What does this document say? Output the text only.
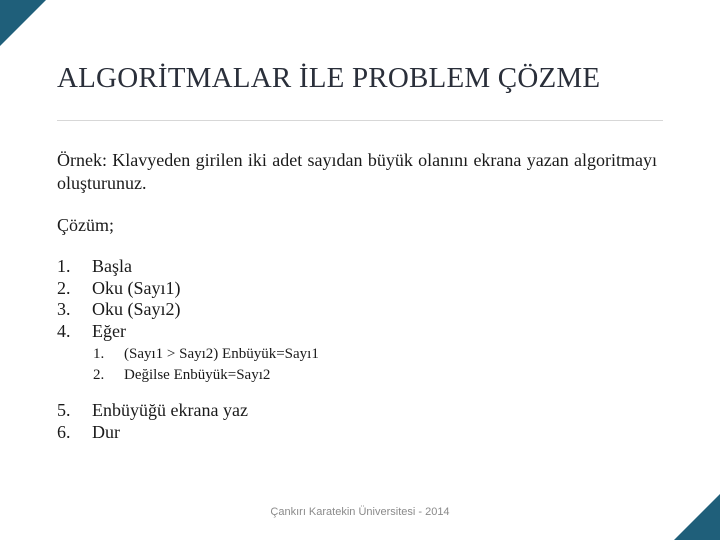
ALGORİTMALAR İLE PROBLEM ÇÖZME
Örnek: Klavyeden girilen iki adet sayıdan büyük olanını ekrana yazan algoritmayı oluşturunuz.
Çözüm;
1.	Başla
2.	Oku (Sayı1)
3.	Oku (Sayı2)
4.	Eğer
1.	(Sayı1 > Sayı2) Enbüyük=Sayı1
2.	Değilse Enbüyük=Sayı2
5.	Enbüyüğü ekrana yaz
6.	Dur
Çankırı Karatekin Üniversitesi - 2014
